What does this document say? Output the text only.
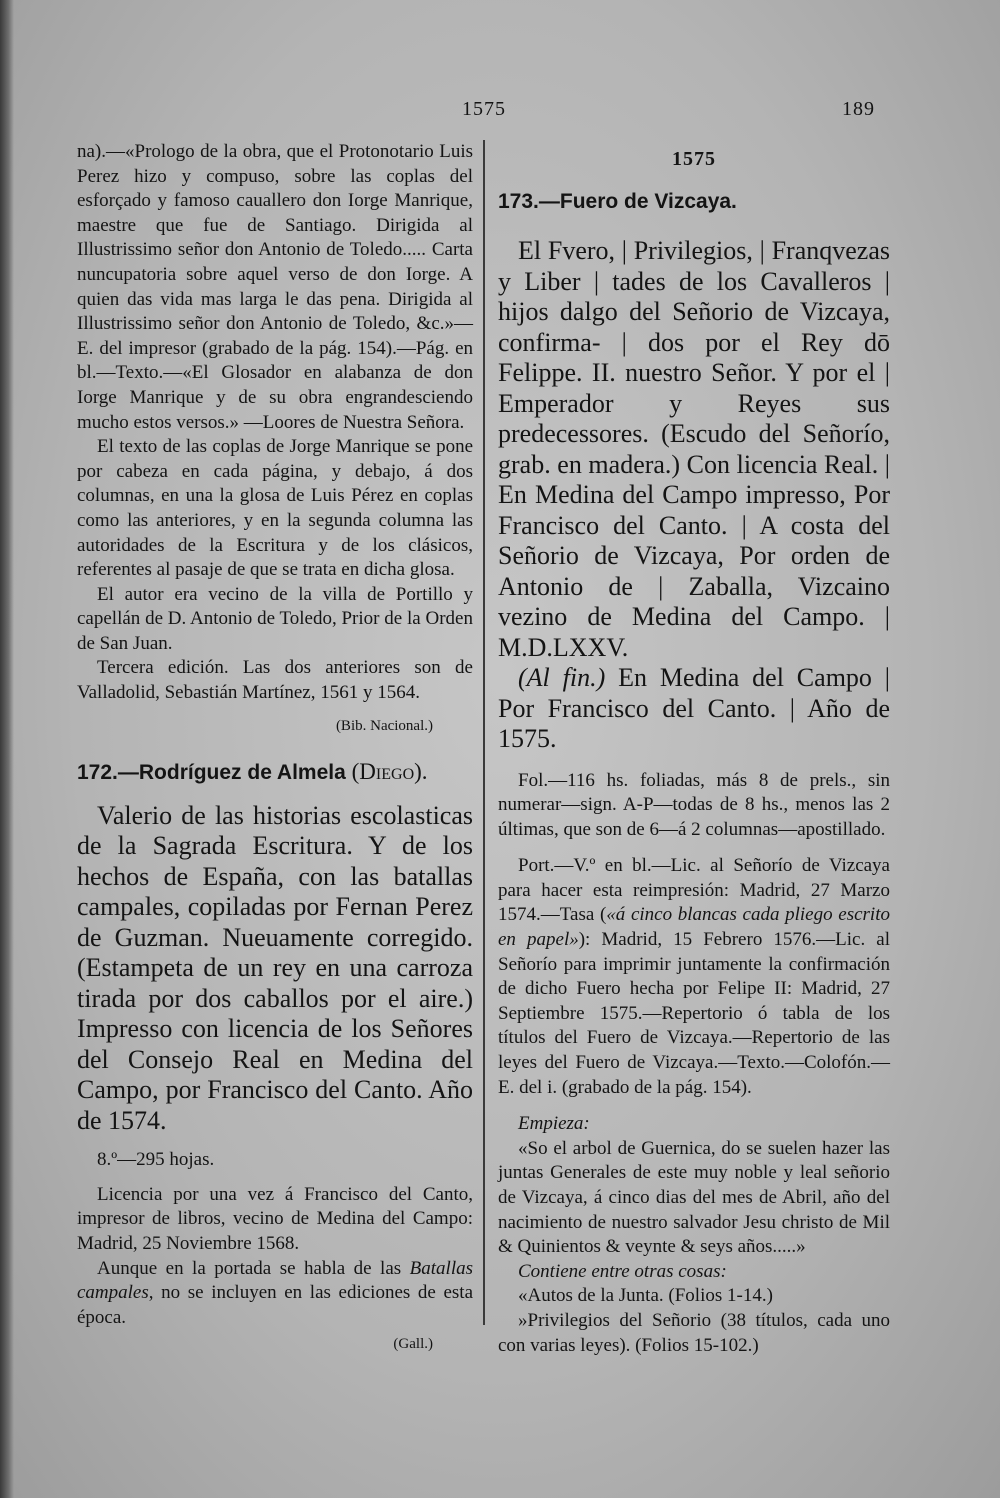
1575	189

na).—«Prologo de la obra, que el Protonotario Luis Perez hizo y compuso, sobre las coplas del esforçado y famoso cauallero don Iorge Manrique, maestre que fue de Santiago. Dirigida al Illustrissimo señor don Antonio de Toledo..... Carta nuncupatoria sobre aquel verso de don Iorge. A quien das vida mas larga le das pena. Dirigida al Illustrissimo señor don Antonio de Toledo, &c.»—E. del impresor (grabado de la pág. 154).—Pág. en bl.—Texto.—«El Glosador en alabanza de don Iorge Manrique y de su obra engrandesciendo mucho estos versos.» —Loores de Nuestra Señora.

El texto de las coplas de Jorge Manrique se pone por cabeza en cada página, y debajo, á dos columnas, en una la glosa de Luis Pérez en coplas como las anteriores, y en la segunda columna las autoridades de la Escritura y de los clásicos, referentes al pasaje de que se trata en dicha glosa.

El autor era vecino de la villa de Portillo y capellán de D. Antonio de Toledo, Prior de la Orden de San Juan.

Tercera edición. Las dos anteriores son de Valladolid, Sebastián Martínez, 1561 y 1564.

(Bib. Nacional.)
172.—Rodríguez de Almela (Diego).

Valerio de las historias escolasticas de la Sagrada Escritura. Y de los hechos de España, con las batallas campales, copiladas por Fernan Perez de Guzman. Nueuamente corregido. (Estampeta de un rey en una carroza tirada por dos caballos por el aire.) Impresso con licencia de los Señores del Consejo Real en Medina del Campo, por Francisco del Canto. Año de 1574.

8.º—295 hojas.

Licencia por una vez á Francisco del Canto, impresor de libros, vecino de Medina del Campo: Madrid, 25 Noviembre 1568.

Aunque en la portada se habla de las Batallas campales, no se incluyen en las ediciones de esta época.

(Gall.)
1575
173.—Fuero de Vizcaya.

El Fvero, | Privilegios, | Franqvezas y Liber | tades de los Cavalleros | hijos dalgo del Señorio de Vizcaya, confirma- | dos por el Rey dō Felippe. II. nuestro Señor. Y por el | Emperador y Reyes sus predecessores. (Escudo del Señorío, grab. en madera.) Con licencia Real. | En Medina del Campo impresso, Por Francisco del Canto. | A costa del Señorio de Vizcaya, Por orden de Antonio de | Zaballa, Vizcaino vezino de Medina del Campo. | M.D.LXXV.

(Al fin.) En Medina del Campo | Por Francisco del Canto. | Año de 1575.

Fol.—116 hs. foliadas, más 8 de prels., sin numerar—sign. A-P—todas de 8 hs., menos las 2 últimas, que son de 6—á 2 columnas—apostillado.

Port.—V.º en bl.—Lic. al Señorío de Vizcaya para hacer esta reimpresión: Madrid, 27 Marzo 1574.—Tasa («á cinco blancas cada pliego escrito en papel»): Madrid, 15 Febrero 1576.—Lic. al Señorío para imprimir juntamente la confirmación de dicho Fuero hecha por Felipe II: Madrid, 27 Septiembre 1575.—Repertorio ó tabla de los títulos del Fuero de Vizcaya.—Repertorio de las leyes del Fuero de Vizcaya.—Texto.—Colofón.—E. del i. (grabado de la pág. 154).

Empieza:

«So el arbol de Guernica, do se suelen hazer las juntas Generales de este muy noble y leal señorio de Vizcaya, á cinco dias del mes de Abril, año del nacimiento de nuestro salvador Jesu christo de Mil & Quinientos & veynte & seys años.....»

Contiene entre otras cosas:

«Autos de la Junta. (Folios 1-14.)

»Privilegios del Señorio (38 títulos, cada uno con varias leyes). (Folios 15-102.)
